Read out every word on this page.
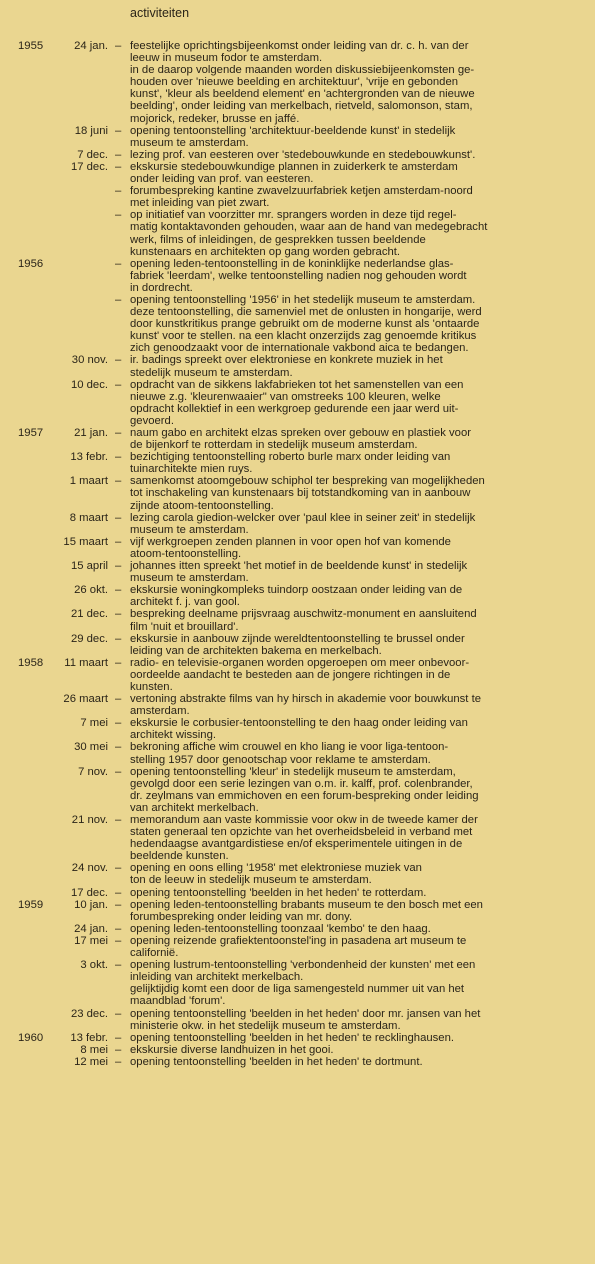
activiteiten
1955	24 jan. – feestelijke oprichtingsbijeenkomst onder leiding van dr. c. h. van der
leeuw in museum fodor te amsterdam.
in de daarop volgende maanden worden diskussiebijeenkomsten ge-
houden over 'nieuwe beelding en architektuur', 'vrije en gebonden
kunst', 'kleur als beeldend element' en 'achtergronden van de nieuwe
beelding', onder leiding van merkelbach, rietveld, salomonson, stam,
mojorick, redeker, brusse en jaffé.
18 juni – opening tentoonstelling 'architektuur-beeldende kunst' in stedelijk
museum te amsterdam.
7 dec. – lezing prof. van eesteren over 'stedebouwkunde en stedebouwkunst'.
17 dec. – ekskursie stedebouwkundige plannen in zuiderkerk te amsterdam
onder leiding van prof. van eesteren.
– forumbespreking kantine zwavelzuurfabriek ketjen amsterdam-noord
met inleiding van piet zwart.
– op initiatief van voorzitter mr. sprangers worden in deze tijd regel-
matig kontaktavonden gehouden, waar aan de hand van medegebracht
werk, films of inleidingen, de gesprekken tussen beeldende
kunstenaars en architekten op gang worden gebracht.
1956	– opening leden-tentoonstelling in de koninklijke nederlandse glas-
fabriek 'leerdam', welke tentoonstelling nadien nog gehouden wordt
in dordrecht.
– opening tentoonstelling '1956' in het stedelijk museum te amsterdam.
deze tentoonstelling, die samenviel met de onlusten in hongarije, werd
door kunstkritikus prange gebruikt om de moderne kunst als 'ontaarde
kunst' voor te stellen. na een klacht onzerzijds zag genoemde kritikus
zich genoodzaakt voor de internationale vakbond aica te bedangen.
30 nov. – ir. badings spreekt over elektroniese en konkrete muziek in het
stedelijk museum te amsterdam.
10 dec. – opdracht van de sikkens lakfabrieken tot het samenstellen van een
nieuwe z.g. 'kleurenwaaier" van omstreeks 100 kleuren, welke
opdracht kollektief in een werkgroep gedurende een jaar werd uit-
gevoerd.
1957	21 jan. – naum gabo en architekt elzas spreken over gebouw en plastiek voor
de bijenkorf te rotterdam in stedelijk museum amsterdam.
13 febr. – bezichtiging tentoonstelling roberto burle marx onder leiding van
tuinarchitekte mien ruys.
1 maart – samenkomst atoomgebouw schiphol ter bespreking van mogelijkheden
tot inschakeling van kunstenaars bij totstandkoming van in aanbouw
zijnde atoom-tentoonstelling.
8 maart – lezing carola giedion-welcker over 'paul klee in seiner zeit' in stedelijk
museum te amsterdam.
15 maart – vijf werkgroepen zenden plannen in voor open hof van komende
atoom-tentoonstelling.
15 april – johannes itten spreekt 'het motief in de beeldende kunst' in stedelijk
museum te amsterdam.
26 okt. – ekskursie woningkompleks tuindorp oostzaan onder leiding van de
architekt f. j. van gool.
21 dec. – bespreking deelname prijsvraag auschwitz-monument en aansluitend
film 'nuit et brouillard'.
29 dec. – ekskursie in aanbouw zijnde wereldtentoonstelling te brussel onder
leiding van de architekten bakema en merkelbach.
1958	11 maart – radio- en televisie-organen worden opgeroepen om meer onbevoor-
oordeelde aandacht te besteden aan de jongere richtingen in de
kunsten.
26 maart – vertoning abstrakte films van hy hirsch in akademie voor bouwkunst te
amsterdam.
7 mei – ekskursie le corbusier-tentoonstelling te den haag onder leiding van
architekt wissing.
30 mei – bekroning affiche wim crouwel en kho liang ie voor liga-tentoon-
stelling 1957 door genootschap voor reklame te amsterdam.
7 nov. – opening tentoonstelling 'kleur' in stedelijk museum te amsterdam,
gevolgd door een serie lezingen van o.m. ir. kalff, prof. colenbrander,
dr. zeylmans van emmichoven en een forum-bespreking onder leiding
van architekt merkelbach.
21 nov. – memorandum aan vaste kommissie voor okw in de tweede kamer der
staten generaal ten opzichte van het overheidsbeleid in verband met
hedendaagse avantgardistiese en/of eksperimentele uitingen in de
beeldende kunsten.
24 nov. – opening en oons elling '1958' met elektroniese muziek van
ton de leeuw in stedelijk museum te amsterdam.
17 dec. – opening tentoonstelling 'beelden in het heden' te rotterdam.
1959	10 jan. – opening leden-tentoonstelling brabants museum te den bosch met een
forumbespreking onder leiding van mr. dony.
24 jan. – opening leden-tentoonstelling toonzaal 'kembo' te den haag.
17 mei – opening reizende grafiektentoonstel'ing in pasadena art museum te
californië.
3 okt. – opening lustrum-tentoonstelling 'verbondenheid der kunsten' met een
inleiding van architekt merkelbach.
gelijktijdig komt een door de liga samengesteld nummer uit van het
maandblad 'forum'.
23 dec. – opening tentoonstelling 'beelden in het heden' door mr. jansen van het
ministerie okw. in het stedelijk museum te amsterdam.
1960	13 febr. – opening tentoonstelling 'beelden in het heden' te recklinghausen.
8 mei – ekskursie diverse landhuizen in het gooi.
12 mei – opening tentoonstelling 'beelden in het heden' te dortmunt.
